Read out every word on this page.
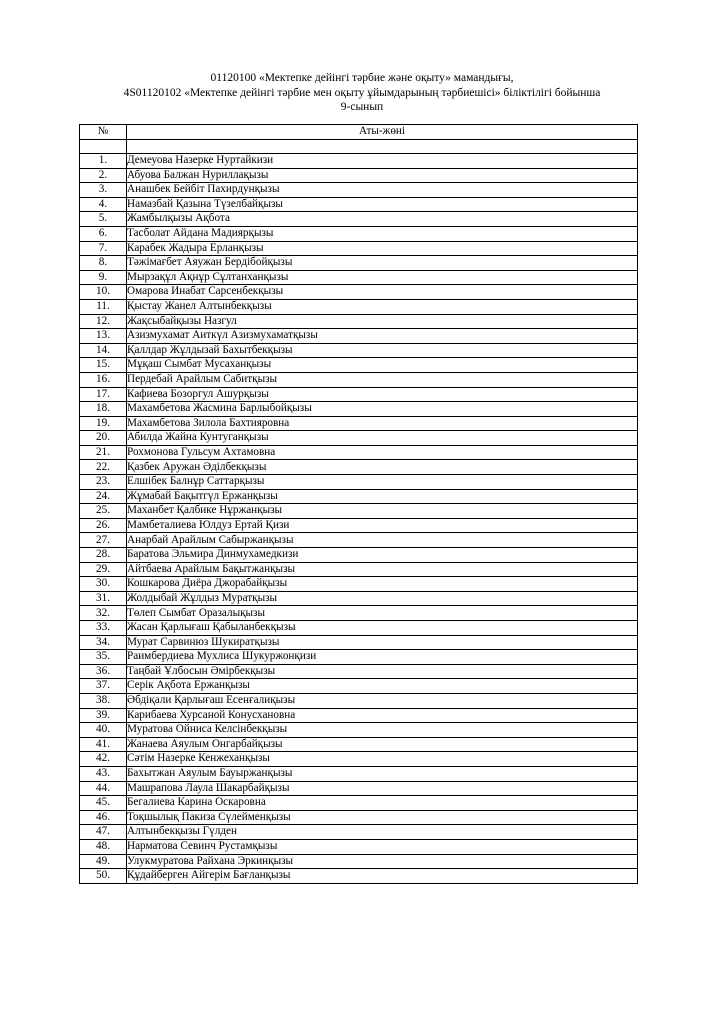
01120100 «Мектепке дейінгі тәрбие және оқыту» мамандығы,
4S01120102 «Мектепке дейінгі тәрбие мен оқыту ұйымдарының тәрбиешісі» біліктілігі бойынша
9-сынып
№	Аты-жөні

1.	Демеуова Назерке Нуртайкизи
2.	Абуова Балжан Нуриллақызы
3.	Анашбек Бейбіт Пахирдунқызы
4.	Намазбай Қазына Түзелбайқызы
5.	Жамбылқызы Ақбота
6.	Тасболат Айдана Мадиярқызы
7.	Карабек Жадыра Ерланқызы
8.	Тәжімағбет Аяужан Бердібойқызы
9.	Мырзақұл Ақнұр Сұлтанханқызы
10.	Омарова Инабат Сарсенбекқызы
11.	Қыстау Жанел Алтынбекқызы
12.	Жақсыбайқызы Назгул
13.	Азизмухамат Аиткүл Азизмухаматқызы
14.	Қаллдар Жұлдызай Бахытбекқызы
15.	Мұқаш Сымбат Мусаханқызы
16.	Пердебай Арайлым Сабитқызы
17.	Кафиева Бозоргул Ашурқызы
18.	Махамбетова Жасмина Барлыбойқызы
19.	Махамбетова Зилола Бахтияровна
20.	Абилда Жайна Кунтуганқызы
21.	Рохмонова Гульсум Ахтамовна
22.	Қазбек Аружан Әділбекқызы
23.	Елшібек Балнұр Саттарқызы
24.	Жұмабай Бақытгүл Ержанқызы
25.	Маханбет Қалбике Нұржанқызы
26.	Мамбеталиева Юлдуз Ертай Қизи
27.	Анарбай Арайлым Сабыржанқызы
28.	Баратова Эльмира Динмухамедкизи
29.	Айтбаева Арайлым Бақытжанқызы
30.	Кошкарова Диёра Джорабайқызы
31.	Жолдыбай Жұлдыз Муратқызы
32.	Төлеп Сымбат Оразалықызы
33.	Жасан Қарлығаш Қабыланбекқызы
34.	Мурат Сарвинюз Шукиратқызы
35.	Раимбердиева Мухлиса Шукуржонқизи
36.	Таңбай Ұлбосын Әмірбекқызы
37.	Серік Ақбота Ержанқызы
38.	Әбдіқали Қарлығаш Есенғалиқызы
39.	Карибаева Хурсаной Конусхановна
40.	Муратова Ойниса Келсінбекқызы
41.	Жанаева Аяулым Онгарбайқызы
42.	Сәтім Назерке Кенжеханқызы
43.	Бахытжан Аяулым Бауыржанқызы
44.	Машрапова Лаула Шакарбайқызы
45.	Бегалиева Карина Оскаровна
46.	Тоқшылық Пакиза Сүлейменқызы
47.	Алтынбекқызы Гүлден
48.	Нарматова Севинч Рустамқызы
49.	Улукмуратова Райхана Эркинқызы
50.	Құдайберген Айгерім Бағланқызы
